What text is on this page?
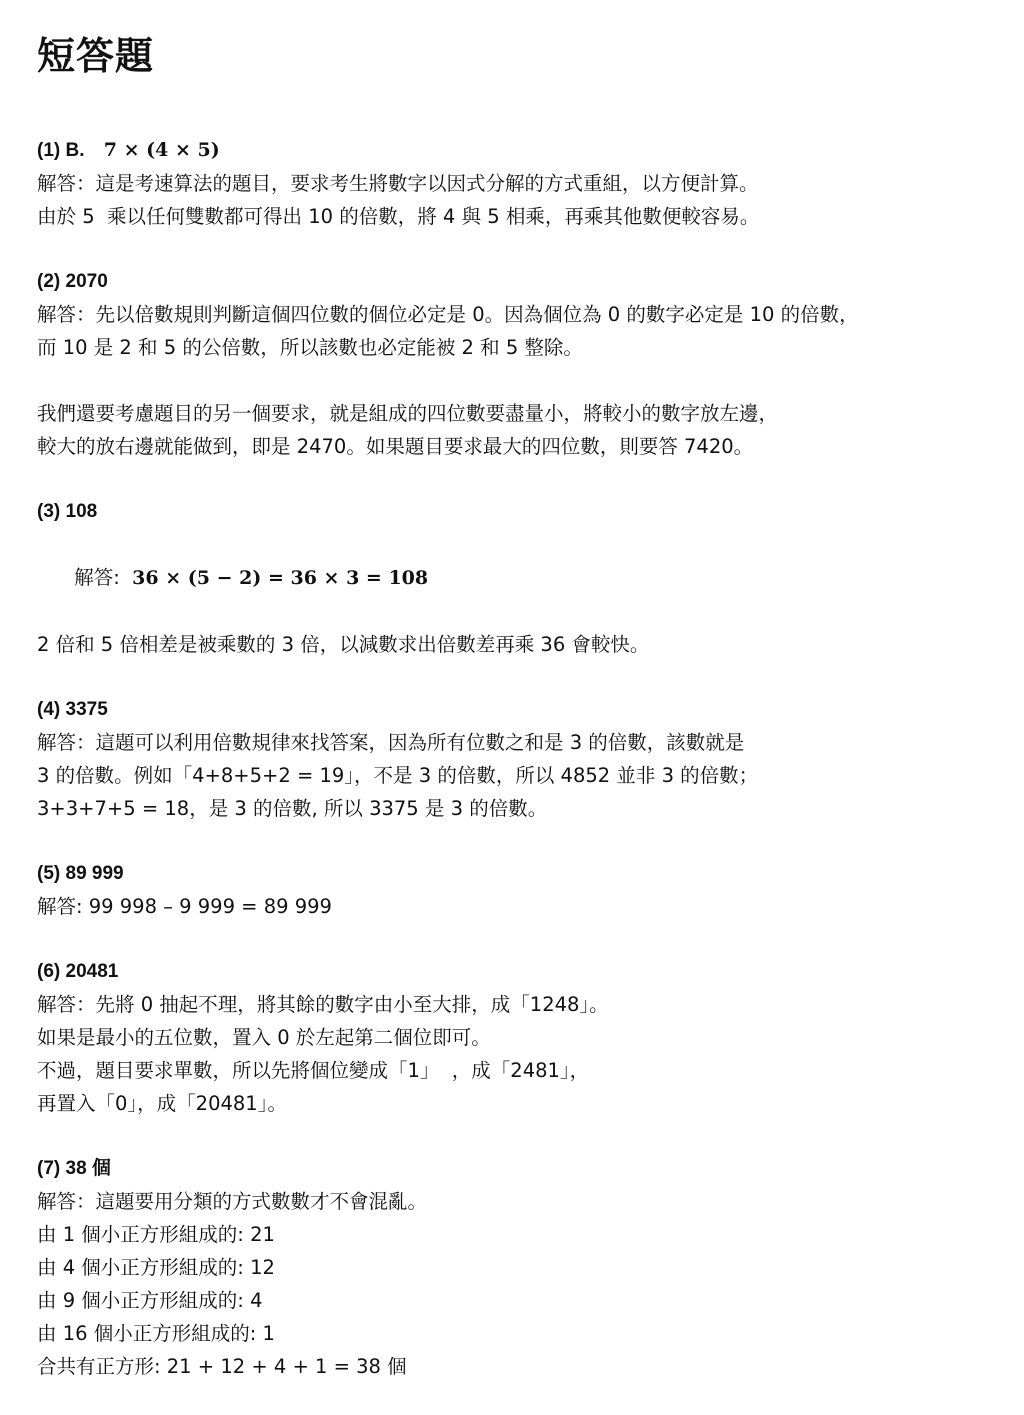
短答題
(1) B. 7 × (4 × 5)
解答：這是考速算法的題目，要求考生將數字以因式分解的方式重組，以方便計算。
由於 5  乘以任何雙數都可得出 10 的倍數，將 4 與 5 相乘，再乘其他數便較容易。
(2) 2070
解答：先以倍數規則判斷這個四位數的個位必定是 0。因為個位為 0 的數字必定是 10 的倍數，
而 10 是 2 和 5 的公倍數，所以該數也必定能被 2 和 5 整除。
我們還要考慮題目的另一個要求，就是組成的四位數要盡量小，將較小的數字放左邊，
較大的放右邊就能做到，即是 2470。如果題目要求最大的四位數，則要答 7420。
(3) 108

解答:  36 × (5 − 2) = 36 × 3 = 108

2 倍和 5 倍相差是被乘數的 3 倍，以減數求出倍數差再乘 36 會較快。
(4) 3375
解答：這題可以利用倍數規律來找答案，因為所有位數之和是 3 的倍數，該數就是
3 的倍數。例如「4+8+5+2 = 19」，不是 3 的倍數，所以 4852 並非 3 的倍數；
3+3+7+5 = 18，是 3 的倍數, 所以 3375 是 3 的倍數。
(5) 89 999
解答: 99 998 – 9 999 = 89 999
(6) 20481
解答：先將 0 抽起不理，將其餘的數字由小至大排，成「1248」。
如果是最小的五位數，置入 0 於左起第二個位即可。
不過，題目要求單數，所以先將個位變成「1」  ，成「2481」，
再置入「0」，成「20481」。
(7) 38 個
解答：這題要用分類的方式數數才不會混亂。
由 1 個小正方形組成的: 21
由 4 個小正方形組成的: 12
由 9 個小正方形組成的: 4
由 16 個小正方形組成的: 1
合共有正方形: 21 + 12 + 4 + 1 = 38 個
